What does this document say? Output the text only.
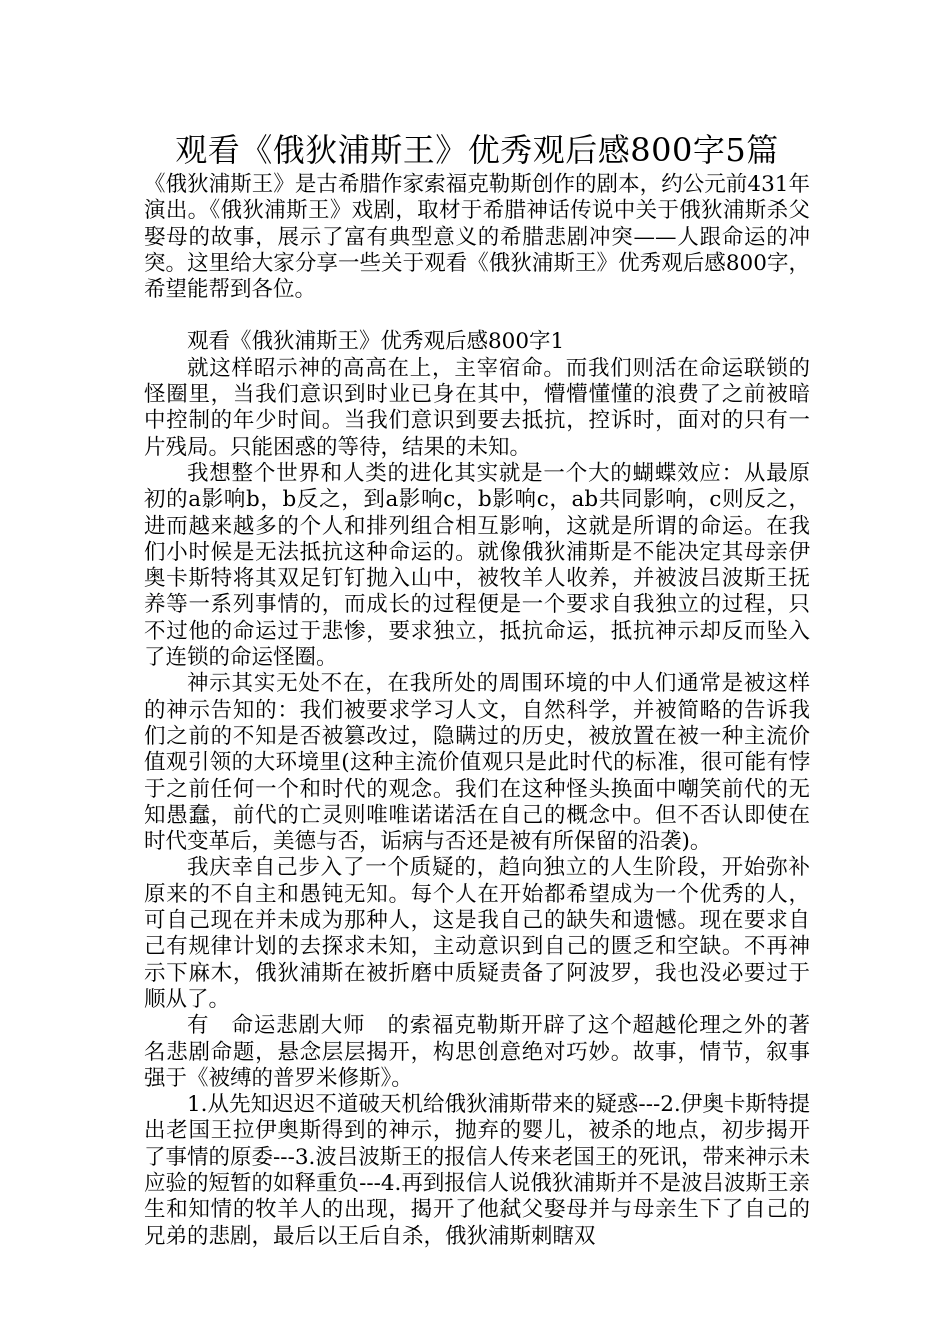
观看《俄狄浦斯王》优秀观后感800字5篇

《俄狄浦斯王》是古希腊作家索福克勒斯创作的剧本，约公元前431年演出。《俄狄浦斯王》戏剧，取材于希腊神话传说中关于俄狄浦斯杀父娶母的故事，展示了富有典型意义的希腊悲剧冲突——人跟命运的冲突。这里给大家分享一些关于观看《俄狄浦斯王》优秀观后感800字，希望能帮到各位。

观看《俄狄浦斯王》优秀观后感800字1

就这样昭示神的高高在上，主宰宿命。而我们则活在命运联锁的怪圈里，当我们意识到时业已身在其中，懵懵懂懂的浪费了之前被暗中控制的年少时间。当我们意识到要去抵抗，控诉时，面对的只有一片残局。只能困惑的等待，结果的未知。

我想整个世界和人类的进化其实就是一个大的蝴蝶效应：从最原初的a影响b，b反之，到a影响c，b影响c，ab共同影响，c则反之，进而越来越多的个人和排列组合相互影响，这就是所谓的命运。在我们小时候是无法抵抗这种命运的。就像俄狄浦斯是不能决定其母亲伊奥卡斯特将其双足钉钉抛入山中，被牧羊人收养，并被波吕波斯王抚养等一系列事情的，而成长的过程便是一个要求自我独立的过程，只不过他的命运过于悲惨，要求独立，抵抗命运，抵抗神示却反而坠入了连锁的命运怪圈。

神示其实无处不在，在我所处的周围环境的中人们通常是被这样的神示告知的：我们被要求学习人文，自然科学，并被简略的告诉我们之前的不知是否被篡改过，隐瞒过的历史，被放置在被一种主流价值观引领的大环境里(这种主流价值观只是此时代的标准，很可能有悖于之前任何一个和时代的观念。我们在这种怪头换面中嘲笑前代的无知愚蠢，前代的亡灵则唯唯诺诺活在自己的概念中。但不否认即使在时代变革后，美德与否，诟病与否还是被有所保留的沿袭)。

我庆幸自己步入了一个质疑的，趋向独立的人生阶段，开始弥补原来的不自主和愚钝无知。每个人在开始都希望成为一个优秀的人，可自己现在并未成为那种人，这是我自己的缺失和遗憾。现在要求自己有规律计划的去探求未知，主动意识到自己的匮乏和空缺。不再神示下麻木，俄狄浦斯在被折磨中质疑责备了阿波罗，我也没必要过于顺从了。

有　命运悲剧大师　的索福克勒斯开辟了这个超越伦理之外的著名悲剧命题，悬念层层揭开，构思创意绝对巧妙。故事，情节，叙事强于《被缚的普罗米修斯》。

1.从先知迟迟不道破天机给俄狄浦斯带来的疑惑---2.伊奥卡斯特提出老国王拉伊奥斯得到的神示，抛弃的婴儿，被杀的地点，初步揭开了事情的原委---3.波吕波斯王的报信人传来老国王的死讯，带来神示未应验的短暂的如释重负---4.再到报信人说俄狄浦斯并不是波吕波斯王亲生和知情的牧羊人的出现，揭开了他弑父娶母并与母亲生下了自己的兄弟的悲剧，最后以王后自杀，俄狄浦斯刺瞎双
